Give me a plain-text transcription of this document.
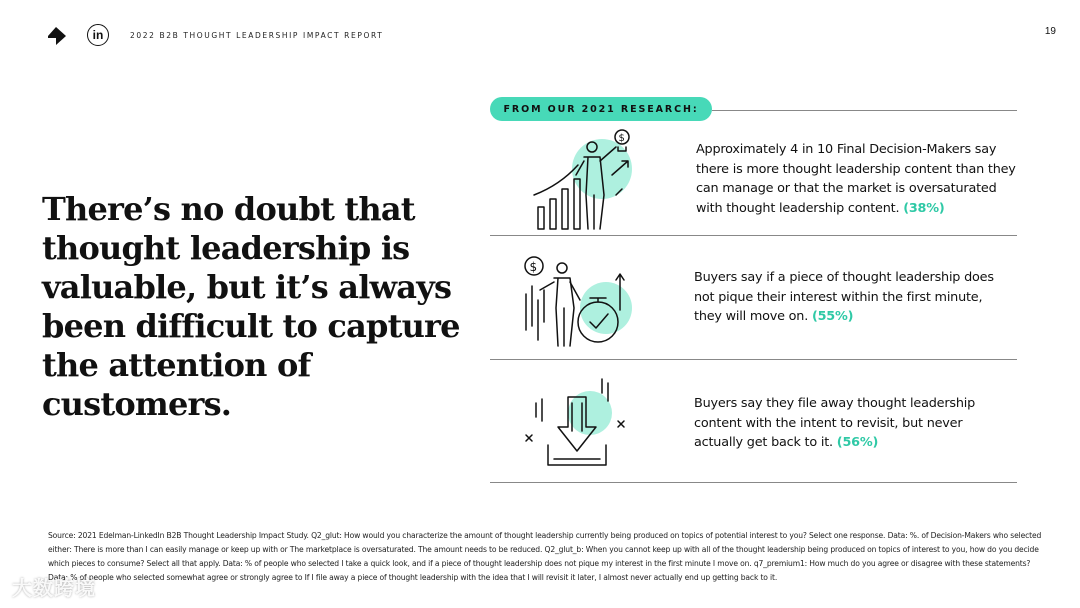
in	2022 B2B THOUGHT LEADERSHIP IMPACT REPORT	19
There’s no doubt that thought leadership is valuable, but it’s always been difficult to capture the attention of customers.
FROM OUR 2021 RESEARCH:
$
Approximately 4 in 10 Final Decision-Makers say there is more thought leadership content than they can manage or that the market is oversaturated with thought leadership content. (38%)
$
Buyers say if a piece of thought leadership does not pique their interest within the first minute, they will move on. (55%)
Buyers say they file away thought leadership content with the intent to revisit, but never actually get back to it. (56%)
Source: 2021 Edelman-LinkedIn B2B Thought Leadership Impact Study. Q2_glut: How would you characterize the amount of thought leadership currently being produced on topics of potential interest to you? Select one response. Data: %. of Decision-Makers who selected either: There is more than I can easily manage or keep up with or The marketplace is oversaturated. The amount needs to be reduced. Q2_glut_b: When you cannot keep up with all of the thought leadership being produced on topics of interest to you, how do you decide which pieces to consume? Select all that apply. Data: % of people who selected I take a quick look, and if a piece of thought leadership does not pique my interest in the first minute I move on. q7_premium1: How much do you agree or disagree with these statements? Data: % of people who selected somewhat agree or strongly agree to If I file away a piece of thought leadership with the idea that I will revisit it later, I almost never actually end up getting back to it.
大数跨境
